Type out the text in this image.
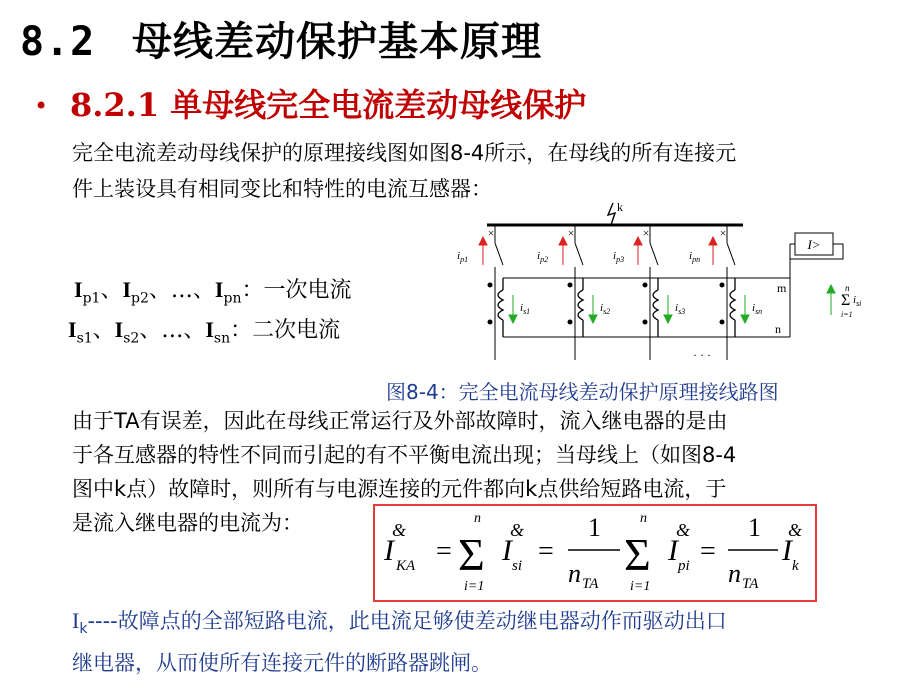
8.2 母线差动保护基本原理
• 8.2.1 单母线完全电流差动母线保护
完全电流差动母线保护的原理接线图如图8-4所示，在母线的所有连接元
件上装设具有相同变比和特性的电流互感器：
$I_{p1}$、$I_{p2}$、…、$I_{pn}$：一次电流
$I_{s1}$、$I_{s2}$、…、$I_{sn}$：二次电流
k
×	×	×	×
$i_{p1}$	$i_{p2}$	$i_{p3}$	$i_{pn}$
$i_{s1}$	$i_{s2}$	$i_{s3}$	$i_{sn}$
I>
m
n
n
Σ $i_{si}$
i=1
· · ·
图8-4：完全电流母线差动保护原理接线路图
由于TA有误差，因此在母线正常运行及外部故障时，流入继电器的是由
于各互感器的特性不同而引起的有不平衡电流出现；当母线上（如图8-4
图中k点）故障时，则所有与电源连接的元件都向k点供给短路电流，于
是流入继电器的电流为：
I
&
KA =
n
Σ
i=1
I
&
si =
1
n TA
n
Σ
i=1
I
&
pi =
1
n TA
I
&
k
$I_k----$故障点的全部短路电流，此电流足够使差动继电器动作而驱动出口
继电器，从而使所有连接元件的断路器跳闸。
